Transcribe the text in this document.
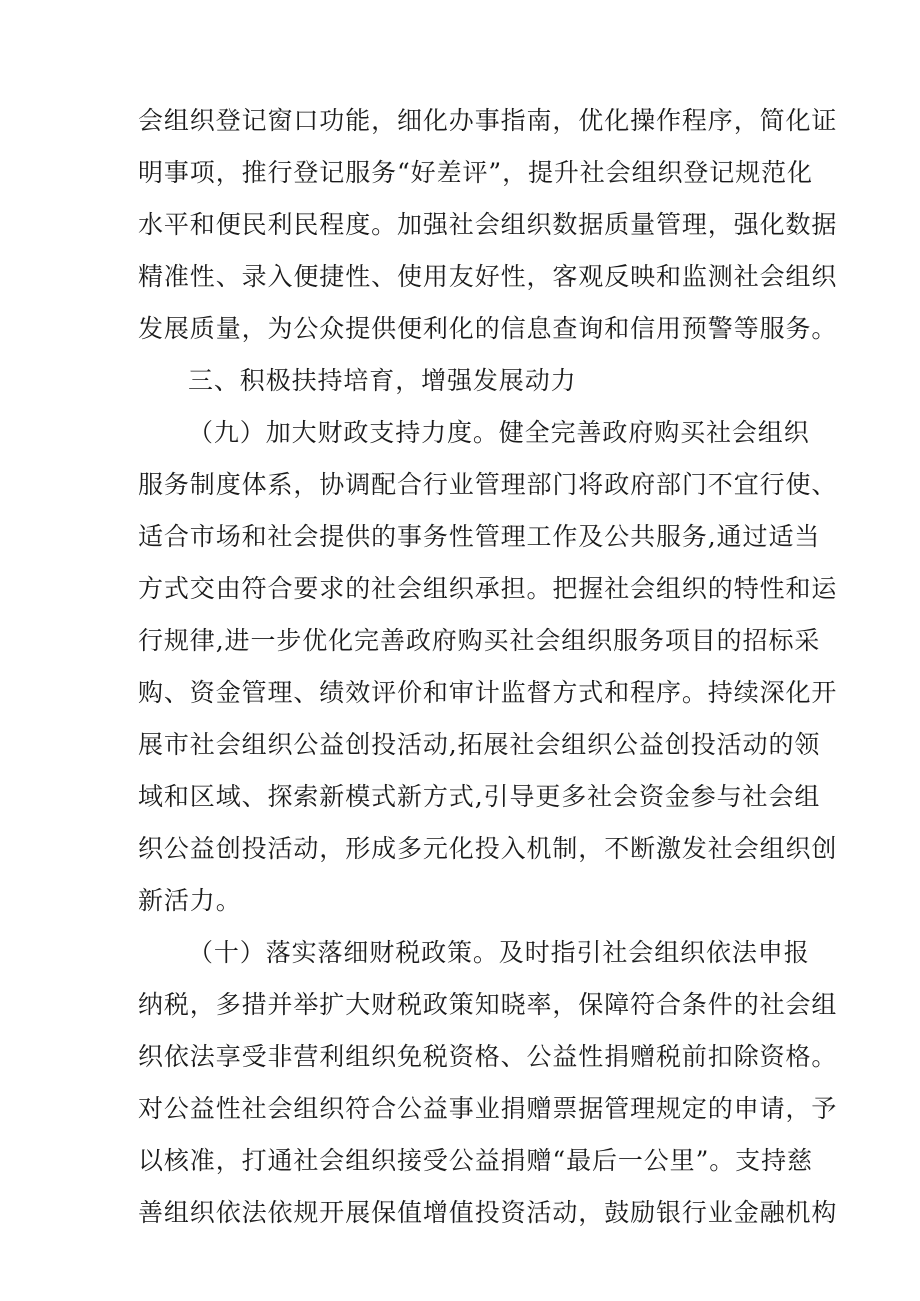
会组织登记窗口功能，细化办事指南，优化操作程序，简化证
明事项，推行登记服务“好差评”，提升社会组织登记规范化
水平和便民利民程度。加强社会组织数据质量管理，强化数据
精准性、录入便捷性、使用友好性，客观反映和监测社会组织
发展质量，为公众提供便利化的信息查询和信用预警等服务。
三、积极扶持培育，增强发展动力
（九）加大财政支持力度。健全完善政府购买社会组织
服务制度体系，协调配合行业管理部门将政府部门不宜行使、
适合市场和社会提供的事务性管理工作及公共服务,通过适当
方式交由符合要求的社会组织承担。把握社会组织的特性和运
行规律,进一步优化完善政府购买社会组织服务项目的招标采
购、资金管理、绩效评价和审计监督方式和程序。持续深化开
展市社会组织公益创投活动,拓展社会组织公益创投活动的领
域和区域、探索新模式新方式,引导更多社会资金参与社会组
织公益创投活动，形成多元化投入机制，不断激发社会组织创
新活力。
（十）落实落细财税政策。及时指引社会组织依法申报
纳税，多措并举扩大财税政策知晓率，保障符合条件的社会组
织依法享受非营利组织免税资格、公益性捐赠税前扣除资格。
对公益性社会组织符合公益事业捐赠票据管理规定的申请，予
以核准，打通社会组织接受公益捐赠“最后一公里”。支持慈
善组织依法依规开展保值增值投资活动，鼓励银行业金融机构
